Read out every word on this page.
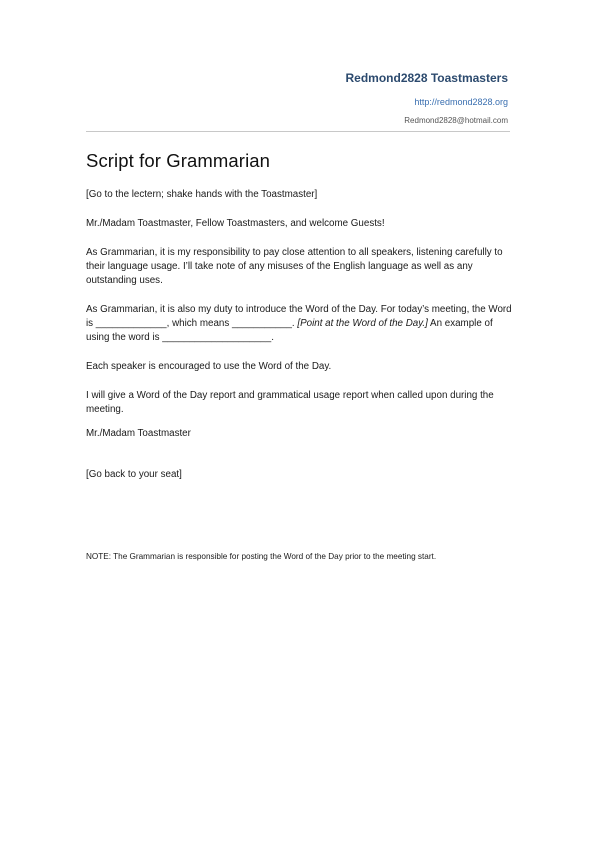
Redmond2828 Toastmasters
http://redmond2828.org
Redmond2828@hotmail.com
Script for Grammarian

[Go to the lectern; shake hands with the Toastmaster]

Mr./Madam Toastmaster, Fellow Toastmasters, and welcome Guests!

As Grammarian, it is my responsibility to pay close attention to all speakers, listening carefully to their language usage. I’ll take note of any misuses of the English language as well as any outstanding uses.

As Grammarian, it is also my duty to introduce the Word of the Day. For today’s meeting, the Word is _____________, which means ___________. [Point at the Word of the Day.] An example of using the word is ____________________.

Each speaker is encouraged to use the Word of the Day.

I will give a Word of the Day report and grammatical usage report when called upon during the meeting.

Mr./Madam Toastmaster

[Go back to your seat]

NOTE: The Grammarian is responsible for posting the Word of the Day prior to the meeting start.
